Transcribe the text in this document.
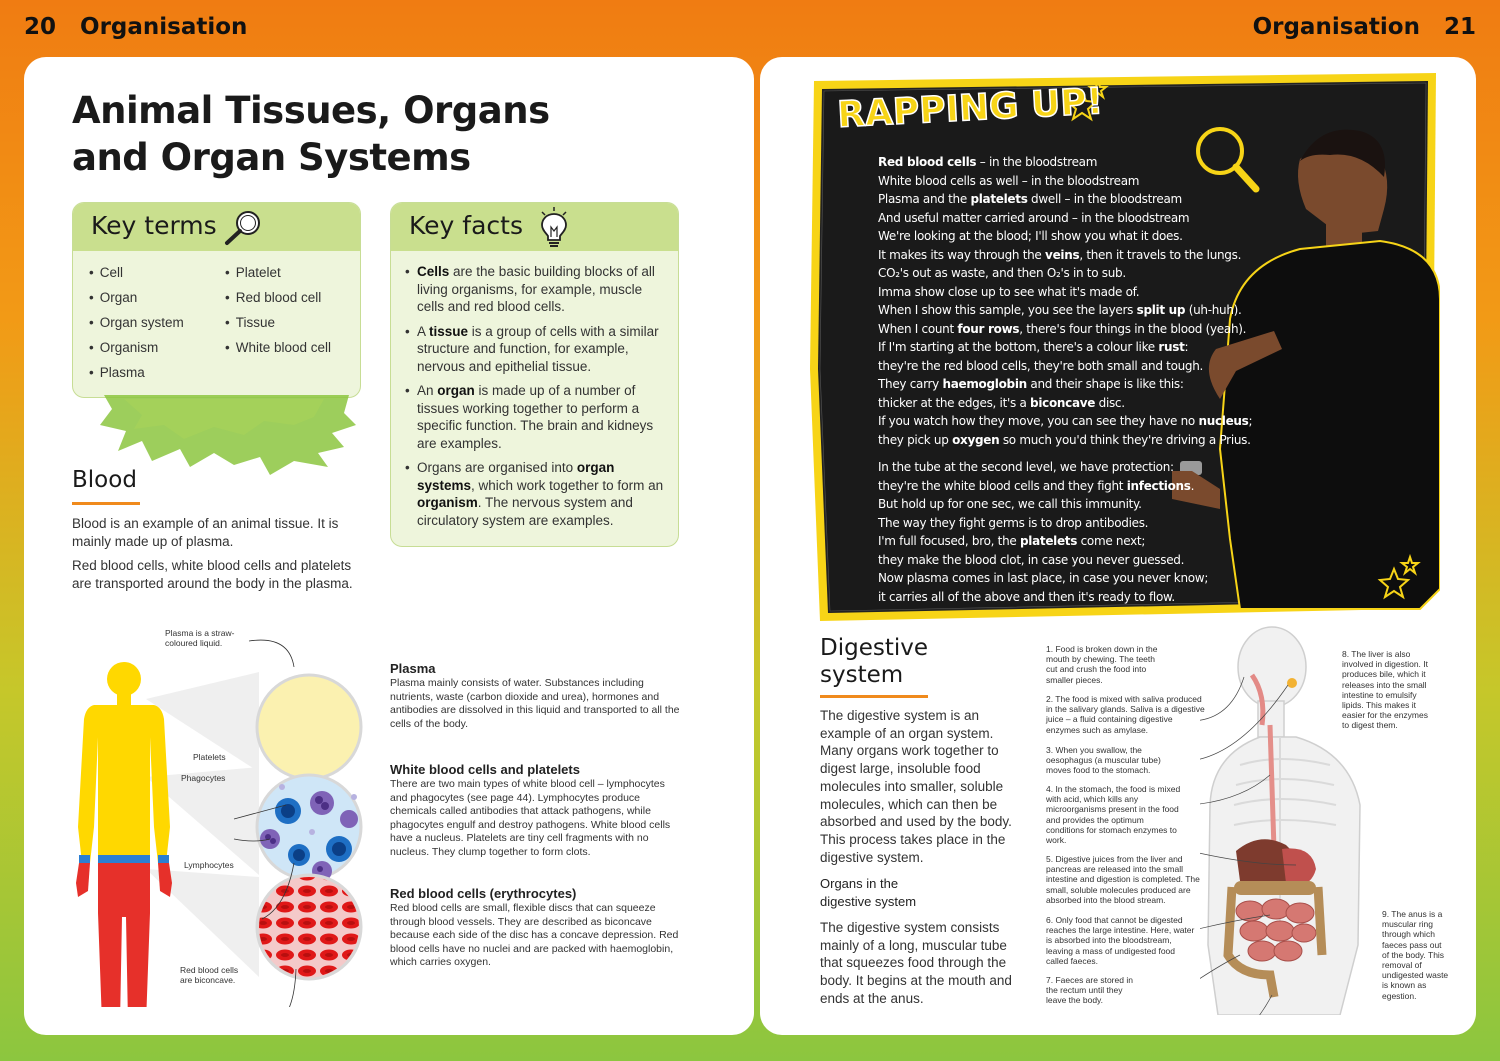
20 Organisation	Organisation 21
Animal Tissues, Organs
and Organ Systems
Key terms
• Cell	• Platelet
• Organ	• Red blood cell
• Organ system	• Tissue
• Organism	• White blood cell
• Plasma
Key facts
• Cells are the basic building blocks of all living organisms, for example, muscle cells and red blood cells.
• A tissue is a group of cells with a similar structure and function, for example, nervous and epithelial tissue.
• An organ is made up of a number of tissues working together to perform a specific function. The brain and kidneys are examples.
• Organs are organised into organ systems, which work together to form an organism. The nervous system and circulatory system are examples.
Blood
Blood is an example of an animal tissue. It is mainly made up of plasma.
Red blood cells, white blood cells and platelets are transported around the body in the plasma.
Plasma is a straw-coloured liquid.
Platelets
Phagocytes
Lymphocytes
Red blood cells are biconcave.
Plasma
Plasma mainly consists of water. Substances including nutrients, waste (carbon dioxide and urea), hormones and antibodies are dissolved in this liquid and transported to all the cells of the body.
White blood cells and platelets
There are two main types of white blood cell – lymphocytes and phagocytes (see page 44). Lymphocytes produce chemicals called antibodies that attack pathogens, while phagocytes engulf and destroy pathogens. White blood cells have a nucleus. Platelets are tiny cell fragments with no nucleus. They clump together to form clots.
Red blood cells (erythrocytes)
Red blood cells are small, flexible discs that can squeeze through blood vessels. They are described as biconcave because each side of the disc has a concave depression. Red blood cells have no nuclei and are packed with haemoglobin, which carries oxygen.
RAPPING UP!
Red blood cells – in the bloodstream
White blood cells as well – in the bloodstream
Plasma and the platelets dwell – in the bloodstream
And useful matter carried around – in the bloodstream
We're looking at the blood; I'll show you what it does.
It makes its way through the veins, then it travels to the lungs.
CO₂'s out as waste, and then O₂'s in to sub.
Imma show close up to see what it's made of.
When I show this sample, you see the layers split up (uh-huh).
When I count four rows, there's four things in the blood (yeah).
If I'm starting at the bottom, there's a colour like rust:
they're the red blood cells, they're both small and tough.
They carry haemoglobin and their shape is like this:
thicker at the edges, it's a biconcave disc.
If you watch how they move, you can see they have no nucleus;
they pick up oxygen so much you'd think they're driving a Prius.
In the tube at the second level, we have protection:
they're the white blood cells and they fight infections.
But hold up for one sec, we call this immunity.
The way they fight germs is to drop antibodies.
I'm full focused, bro, the platelets come next;
they make the blood clot, in case you never guessed.
Now plasma comes in last place, in case you never know;
it carries all of the above and then it's ready to flow.
Digestive
system
The digestive system is an example of an organ system. Many organs work together to digest large, insoluble food molecules into smaller, soluble molecules, which can then be absorbed and used by the body. This process takes place in the digestive system.
Organs in the
digestive system
The digestive system consists mainly of a long, muscular tube that squeezes food through the body. It begins at the mouth and ends at the anus.
1. Food is broken down in the mouth by chewing. The teeth cut and crush the food into smaller pieces.
2. The food is mixed with saliva produced in the salivary glands. Saliva is a digestive juice – a fluid containing digestive enzymes such as amylase.
3. When you swallow, the oesophagus (a muscular tube) moves food to the stomach.
4. In the stomach, the food is mixed with acid, which kills any microorganisms present in the food and provides the optimum conditions for stomach enzymes to work.
5. Digestive juices from the liver and pancreas are released into the small intestine and digestion is completed. The small, soluble molecules produced are absorbed into the blood stream.
6. Only food that cannot be digested reaches the large intestine. Here, water is absorbed into the bloodstream, leaving a mass of undigested food called faeces.
7. Faeces are stored in the rectum until they leave the body.
8. The liver is also involved in digestion. It produces bile, which it releases into the small intestine to emulsify lipids. This makes it easier for the enzymes to digest them.
9. The anus is a muscular ring through which faeces pass out of the body. This removal of undigested waste is known as egestion.
